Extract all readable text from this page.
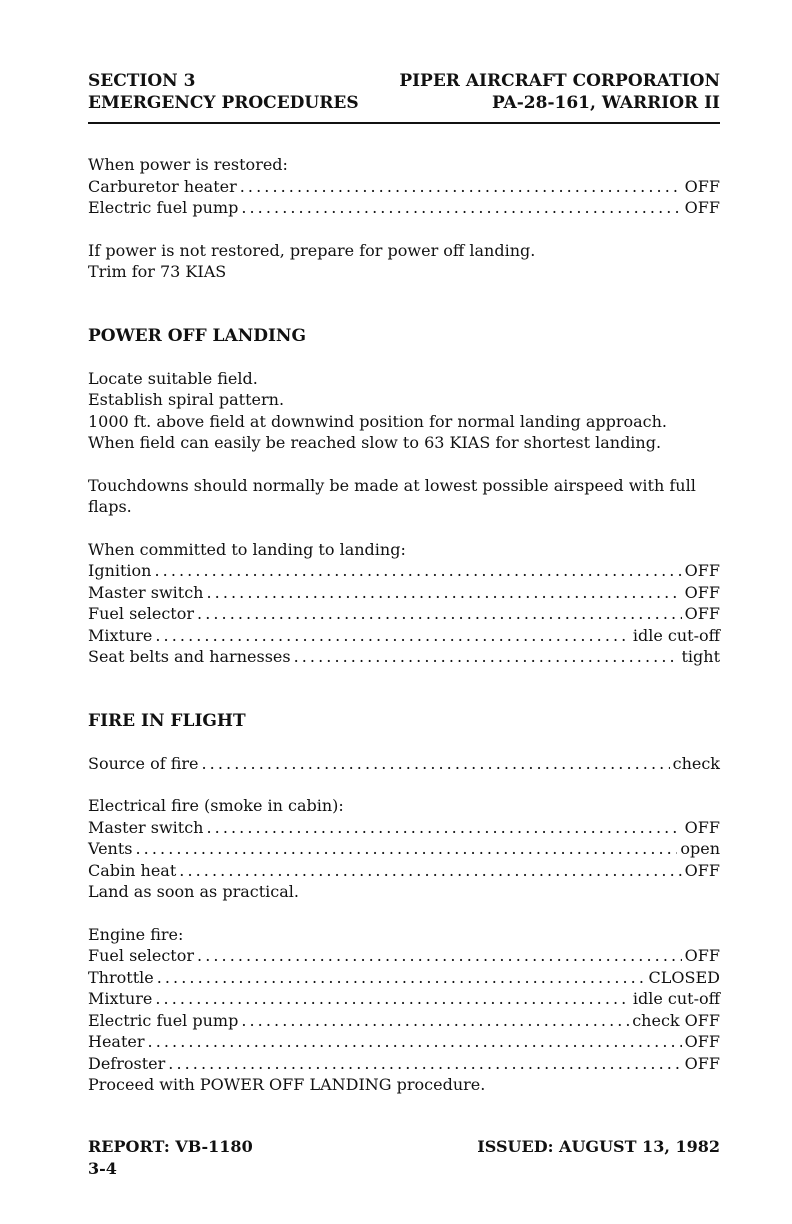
SECTION 3	PIPER AIRCRAFT CORPORATION
EMERGENCY PROCEDURES	PA-28-161, WARRIOR II
When power is restored:
Carburetor heater . . .	OFF
Electric fuel pump . . .	OFF
If power is not restored, prepare for power off landing.
Trim for 73 KIAS
POWER OFF LANDING
Locate suitable field.
Establish spiral pattern.
1000 ft. above field at downwind position for normal landing approach.
When field can easily be reached slow to 63 KIAS for shortest landing.
Touchdowns should normally be made at lowest possible airspeed with full flaps.
When committed to landing to landing:
Ignition . . .	OFF
Master switch . . .	OFF
Fuel selector . . .	OFF
Mixture . . .	idle cut-off
Seat belts and harnesses . . .	tight
FIRE IN FLIGHT
Source of fire . . .	check
Electrical fire (smoke in cabin):
Master switch . . .	OFF
Vents . . .	open
Cabin heat . . .	OFF
Land as soon as practical.
Engine fire:
Fuel selector . . .	OFF
Throttle . . .	CLOSED
Mixture . . .	idle cut-off
Electric fuel pump . . .	check OFF
Heater . . .	OFF
Defroster . . .	OFF
Proceed with POWER OFF LANDING procedure.
REPORT: VB-1180	ISSUED: AUGUST 13, 1982
3-4
